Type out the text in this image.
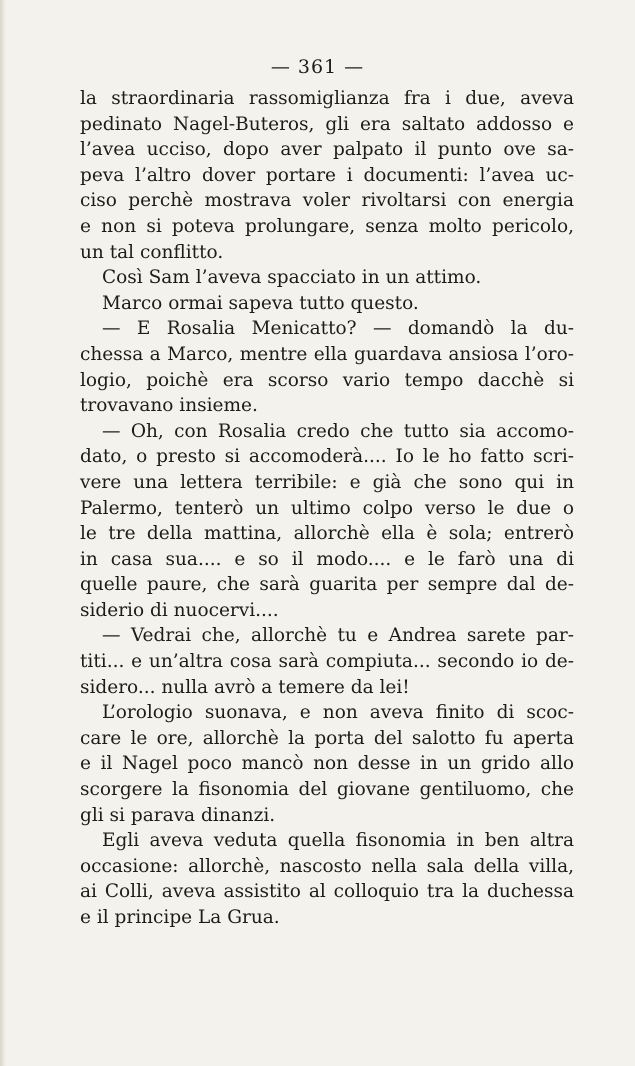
— 361 —
la straordinaria rassomiglianza fra i due, aveva
pedinato Nagel-Buteros, gli era saltato addosso e
l’avea ucciso, dopo aver palpato il punto ove sa-
peva l’altro dover portare i documenti: l’avea uc-
ciso perchè mostrava voler rivoltarsi con energia
e non si poteva prolungare, senza molto pericolo,
un tal conflitto.
Così Sam l’aveva spacciato in un attimo.
Marco ormai sapeva tutto questo.
— E Rosalia Menicatto? — domandò la du-
chessa a Marco, mentre ella guardava ansiosa l’oro-
logio, poichè era scorso vario tempo dacchè si
trovavano insieme.
— Oh, con Rosalia credo che tutto sia accomo-
dato, o presto si accomoderà.... Io le ho fatto scri-
vere una lettera terribile: e già che sono qui in
Palermo, tenterò un ultimo colpo verso le due o
le tre della mattina, allorchè ella è sola; entrerò
in casa sua.... e so il modo.... e le farò una di
quelle paure, che sarà guarita per sempre dal de-
siderio di nuocervi....
— Vedrai che, allorchè tu e Andrea sarete par-
titi... e un’altra cosa sarà compiuta... secondo io de-
sidero... nulla avrò a temere da lei!
L’orologio suonava, e non aveva finito di scoc-
care le ore, allorchè la porta del salotto fu aperta
e il Nagel poco mancò non desse in un grido allo
scorgere la fisonomia del giovane gentiluomo, che
gli si parava dinanzi.
Egli aveva veduta quella fisonomia in ben altra
occasione: allorchè, nascosto nella sala della villa,
ai Colli, aveva assistito al colloquio tra la duchessa
e il principe La Grua.
